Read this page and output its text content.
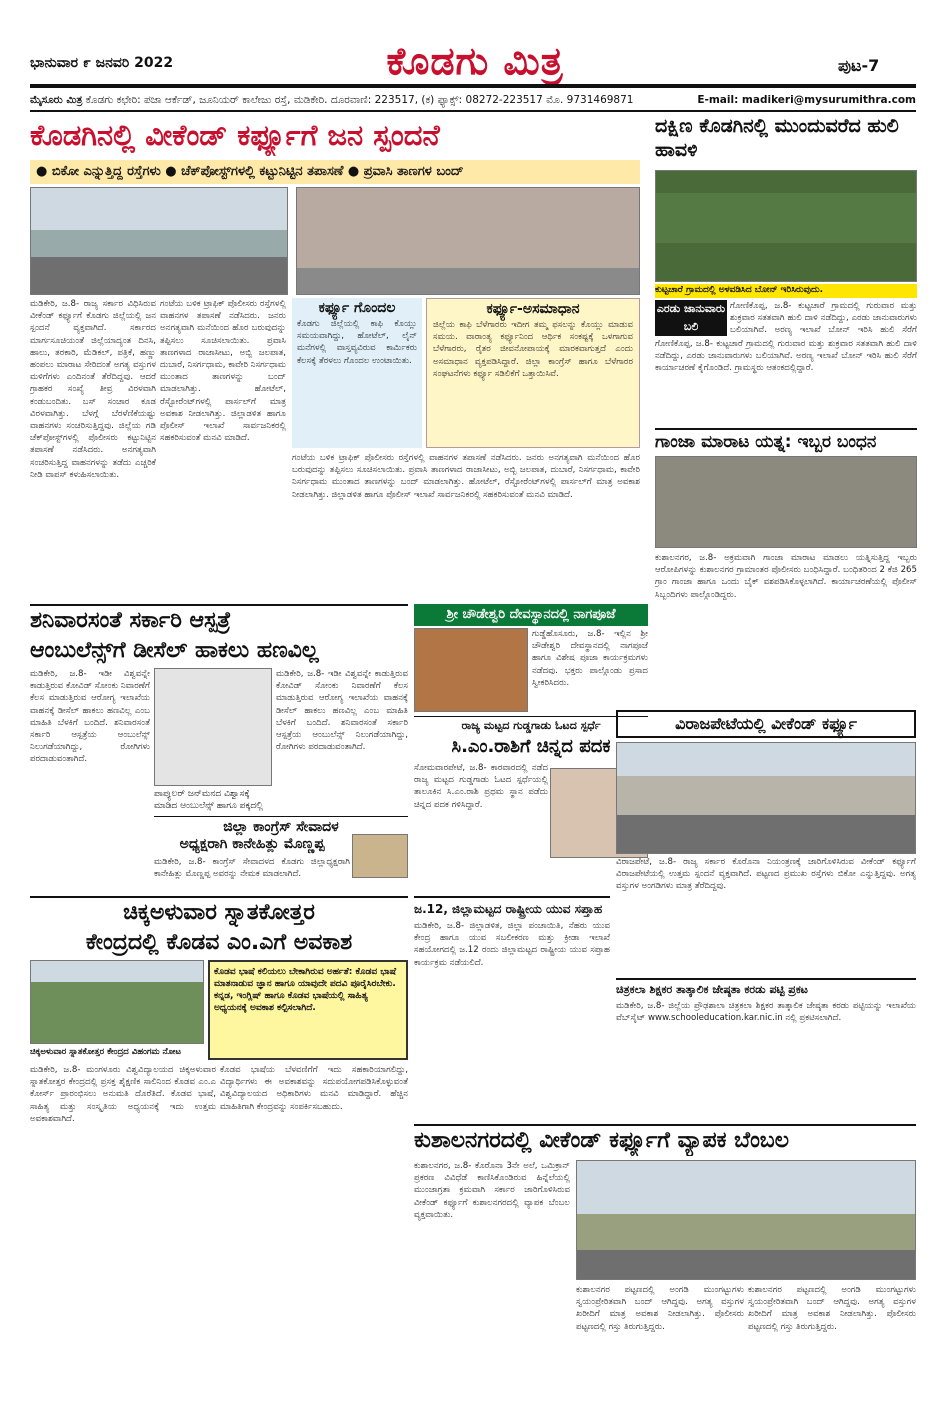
ಭಾನುವಾರ ೯ ಜನವರಿ 2022	ಕೊಡಗು ಮಿತ್ರ	ಪುಟ-7
ಮೈಸೂರು ಮಿತ್ರ ಕೊಡಗು ಕಛೇರಿ: ಪಜಾ ಆರ್ಕೆಡ್, ಜೂನಿಯರ್ ಕಾಲೇಜು ರಸ್ತೆ, ಮಡಿಕೇರಿ. ದೂರವಾಣಿ: 223517, (ಕ) ಫ್ಯಾಕ್ಸ್: 08272-223517 ಮೊ. 9731469871	E-mail: madikeri@mysurumithra.com
ಕೊಡಗಿನಲ್ಲಿ ವೀಕೆಂಡ್ ಕರ್ಫ್ಯೂಗೆ ಜನ ಸ್ಪಂದನೆ
● ಬಿಕೋ ಎನ್ನುತ್ತಿದ್ದ ರಸ್ತೆಗಳು ● ಚೆಕ್‌ಪೋಸ್ಟ್‌ಗಳಲ್ಲಿ ಕಟ್ಟುನಿಟ್ಟಿನ ತಪಾಸಣೆ ● ಪ್ರವಾಸಿ ತಾಣಗಳ ಬಂದ್
ಮಡಿಕೇರಿ, ಜ.8- ರಾಜ್ಯ ಸರ್ಕಾರ ವಿಧಿಸಿರುವ ವೀಕೆಂಡ್ ಕರ್ಫ್ಯೂಗೆ ಕೊಡಗು ಜಿಲ್ಲೆಯಲ್ಲಿ ಜನ ಸ್ಪಂದನೆ ವ್ಯಕ್ತವಾಗಿದೆ. ಸರ್ಕಾರದ ಮಾರ್ಗಸೂಚಿಯಂತೆ ಜಿಲ್ಲೆಯಾದ್ಯಂತ ದಿನಸಿ, ಹಾಲು, ತರಕಾರಿ, ಮೆಡಿಕಲ್, ಪತ್ರಿಕೆ, ಹಣ್ಣು ಹಂಪಲು ಮಾರಾಟ ಸೇರಿದಂತೆ ಅಗತ್ಯ ವಸ್ತುಗಳ ಮಳಿಗೆಗಳು ಎಂದಿನಂತೆ ತೆರೆದಿದ್ದವು. ಆದರೆ ಗ್ರಾಹಕರ ಸಂಖ್ಯೆ ತೀವ್ರ ವಿರಳವಾಗಿ ಕಂಡುಬಂದಿತು. ಬಸ್ ಸಂಚಾರ ಕೂಡ ವಿರಳವಾಗಿತ್ತು. ಬೆಳಗ್ಗೆ ಬೆರಳೆಣಿಕೆಯಷ್ಟು ವಾಹನಗಳು ಸಂಚರಿಸುತ್ತಿದ್ದವು. ಜಿಲ್ಲೆಯ ಗಡಿ ಚೆಕ್‌ಪೋಸ್ಟ್‌ಗಳಲ್ಲಿ ಪೊಲೀಸರು ಕಟ್ಟುನಿಟ್ಟಿನ ತಪಾಸಣೆ ನಡೆಸಿದರು. ಅನಗತ್ಯವಾಗಿ ಸಂಚರಿಸುತ್ತಿದ್ದ ವಾಹನಗಳನ್ನು ತಡೆದು ಎಚ್ಚರಿಕೆ ನೀಡಿ ವಾಪಸ್ ಕಳುಹಿಸಲಾಯಿತು.
ಗಂಟೆಯ ಬಳಿಕ ಟ್ರಾಫಿಕ್ ಪೊಲೀಸರು ರಸ್ತೆಗಳಲ್ಲಿ ವಾಹನಗಳ ತಪಾಸಣೆ ನಡೆಸಿದರು. ಜನರು ಅನಗತ್ಯವಾಗಿ ಮನೆಯಿಂದ ಹೊರ ಬರುವುದನ್ನು ತಪ್ಪಿಸಲು ಸೂಚಿಸಲಾಯಿತು. ಪ್ರವಾಸಿ ತಾಣಗಳಾದ ರಾಜಾಸೀಟು, ಅಬ್ಬಿ ಜಲಪಾತ, ದುಬಾರೆ, ನಿಸರ್ಗಧಾಮ, ಕಾವೇರಿ ನಿಸರ್ಗಧಾಮ ಮುಂತಾದ ತಾಣಗಳನ್ನು ಬಂದ್ ಮಾಡಲಾಗಿತ್ತು. ಹೋಟೆಲ್, ರೆಸ್ಟೋರೆಂಟ್‌ಗಳಲ್ಲಿ ಪಾರ್ಸಲ್‌ಗೆ ಮಾತ್ರ ಅವಕಾಶ ನೀಡಲಾಗಿತ್ತು. ಜಿಲ್ಲಾಡಳಿತ ಹಾಗೂ ಪೊಲೀಸ್ ಇಲಾಖೆ ಸಾರ್ವಜನಿಕರಲ್ಲಿ ಸಹಕರಿಸುವಂತೆ ಮನವಿ ಮಾಡಿದೆ.
ಕರ್ಫ್ಯೂ ಗೊಂದಲ
ಕೊಡಗು ಜಿಲ್ಲೆಯಲ್ಲಿ ಕಾಫಿ ಕೊಯ್ಲು ಸಮಯವಾಗಿದ್ದು, ಹೋಟೆಲ್, ಲೈನ್ ಮನೆಗಳಲ್ಲಿ ವಾಸ್ತವ್ಯವಿರುವ ಕಾರ್ಮಿಕರು ಕೆಲಸಕ್ಕೆ ತೆರಳಲು ಗೊಂದಲ ಉಂಟಾಯಿತು.
ಕರ್ಫ್ಯೂ-ಅಸಮಾಧಾನ
ಜಿಲ್ಲೆಯ ಕಾಫಿ ಬೆಳೆಗಾರರು ಇದೀಗ ತಮ್ಮ ಫಸಲನ್ನು ಕೊಯ್ಲು ಮಾಡುವ ಸಮಯ. ವಾರಾಂತ್ಯ ಕರ್ಫ್ಯೂನಿಂದ ಆರ್ಥಿಕ ಸಂಕಷ್ಟಕ್ಕೆ ಒಳಗಾಗುವ ಬೆಳೆಗಾರರು, ರೈತರ ಜೀವನೋಪಾಯಕ್ಕೆ ಮಾರಕವಾಗುತ್ತದೆ ಎಂದು ಅಸಮಾಧಾನ ವ್ಯಕ್ತಪಡಿಸಿದ್ದಾರೆ. ಜಿಲ್ಲಾ ಕಾಂಗ್ರೆಸ್ ಹಾಗೂ ಬೆಳೆಗಾರರ ಸಂಘಟನೆಗಳು ಕರ್ಫ್ಯೂ ಸಡಿಲಿಕೆಗೆ ಒತ್ತಾಯಿಸಿವೆ.
ಗಂಟೆಯ ಬಳಿಕ ಟ್ರಾಫಿಕ್ ಪೊಲೀಸರು ರಸ್ತೆಗಳಲ್ಲಿ ವಾಹನಗಳ ತಪಾಸಣೆ ನಡೆಸಿದರು. ಜನರು ಅನಗತ್ಯವಾಗಿ ಮನೆಯಿಂದ ಹೊರ ಬರುವುದನ್ನು ತಪ್ಪಿಸಲು ಸೂಚಿಸಲಾಯಿತು. ಪ್ರವಾಸಿ ತಾಣಗಳಾದ ರಾಜಾಸೀಟು, ಅಬ್ಬಿ ಜಲಪಾತ, ದುಬಾರೆ, ನಿಸರ್ಗಧಾಮ, ಕಾವೇರಿ ನಿಸರ್ಗಧಾಮ ಮುಂತಾದ ತಾಣಗಳನ್ನು ಬಂದ್ ಮಾಡಲಾಗಿತ್ತು. ಹೋಟೆಲ್, ರೆಸ್ಟೋರೆಂಟ್‌ಗಳಲ್ಲಿ ಪಾರ್ಸಲ್‌ಗೆ ಮಾತ್ರ ಅವಕಾಶ ನೀಡಲಾಗಿತ್ತು. ಜಿಲ್ಲಾಡಳಿತ ಹಾಗೂ ಪೊಲೀಸ್ ಇಲಾಖೆ ಸಾರ್ವಜನಿಕರಲ್ಲಿ ಸಹಕರಿಸುವಂತೆ ಮನವಿ ಮಾಡಿದೆ.
ದಕ್ಷಿಣ ಕೊಡಗಿನಲ್ಲಿ ಮುಂದುವರೆದ ಹುಲಿ ಹಾವಳಿ
ಕುಟ್ಟಚಾರೆ ಗ್ರಾಮದಲ್ಲಿ ಅಳವಡಿಸಿದ ಬೋನ್ ಇರಿಸಿರುವುದು.
ಎರಡು ಜಾನುವಾರು ಬಲಿ
ಗೋಣಿಕೊಪ್ಪ, ಜ.8- ಕುಟ್ಟಚಾರೆ ಗ್ರಾಮದಲ್ಲಿ ಗುರುವಾರ ಮತ್ತು ಶುಕ್ರವಾರ ಸತತವಾಗಿ ಹುಲಿ ದಾಳಿ ನಡೆದಿದ್ದು, ಎರಡು ಜಾನುವಾರುಗಳು ಬಲಿಯಾಗಿವೆ. ಅರಣ್ಯ ಇಲಾಖೆ ಬೋನ್ ಇರಿಸಿ ಹುಲಿ ಸೆರೆಗೆ
ಗೋಣಿಕೊಪ್ಪ, ಜ.8- ಕುಟ್ಟಚಾರೆ ಗ್ರಾಮದಲ್ಲಿ ಗುರುವಾರ ಮತ್ತು ಶುಕ್ರವಾರ ಸತತವಾಗಿ ಹುಲಿ ದಾಳಿ ನಡೆದಿದ್ದು, ಎರಡು ಜಾನುವಾರುಗಳು ಬಲಿಯಾಗಿವೆ. ಅರಣ್ಯ ಇಲಾಖೆ ಬೋನ್ ಇರಿಸಿ ಹುಲಿ ಸೆರೆಗೆ ಕಾರ್ಯಾಚರಣೆ ಕೈಗೊಂಡಿದೆ. ಗ್ರಾಮಸ್ಥರು ಆತಂಕದಲ್ಲಿದ್ದಾರೆ.
ಗಾಂಜಾ ಮಾರಾಟ ಯತ್ನ: ಇಬ್ಬರ ಬಂಧನ
ಕುಶಾಲನಗರ, ಜ.8- ಅಕ್ರಮವಾಗಿ ಗಾಂಜಾ ಮಾರಾಟ ಮಾಡಲು ಯತ್ನಿಸುತ್ತಿದ್ದ ಇಬ್ಬರು ಆರೋಪಿಗಳನ್ನು ಕುಶಾಲನಗರ ಗ್ರಾಮಾಂತರ ಪೊಲೀಸರು ಬಂಧಿಸಿದ್ದಾರೆ. ಬಂಧಿತರಿಂದ 2 ಕೆಜಿ 265 ಗ್ರಾಂ ಗಾಂಜಾ ಹಾಗೂ ಒಂದು ಬೈಕ್ ವಶಪಡಿಸಿಕೊಳ್ಳಲಾಗಿದೆ. ಕಾರ್ಯಾಚರಣೆಯಲ್ಲಿ ಪೊಲೀಸ್ ಸಿಬ್ಬಂದಿಗಳು ಪಾಲ್ಗೊಂಡಿದ್ದರು.
ಶನಿವಾರಸಂತೆ ಸರ್ಕಾರಿ ಆಸ್ಪತ್ರೆ
ಆಂಬುಲೆನ್ಸ್‌ಗೆ ಡೀಸೆಲ್ ಹಾಕಲು ಹಣವಿಲ್ಲ
ಮಡಿಕೇರಿ, ಜ.8- ಇಡೀ ವಿಶ್ವವನ್ನೇ ಕಾಡುತ್ತಿರುವ ಕೋವಿಡ್ ಸೋಂಕು ನಿವಾರಣೆಗೆ ಕೆಲಸ ಮಾಡುತ್ತಿರುವ ಆರೋಗ್ಯ ಇಲಾಖೆಯ ವಾಹನಕ್ಕೆ ಡೀಸೆಲ್ ಹಾಕಲು ಹಣವಿಲ್ಲ ಎಂಬ ಮಾಹಿತಿ ಬೆಳಕಿಗೆ ಬಂದಿದೆ. ಶನಿವಾರಸಂತೆ ಸರ್ಕಾರಿ ಆಸ್ಪತ್ರೆಯ ಆಂಬುಲೆನ್ಸ್ ನಿಲುಗಡೆಯಾಗಿದ್ದು, ರೋಗಿಗಳು ಪರದಾಡುವಂತಾಗಿದೆ.
ಪಾಪ್ಯುಲರ್ ಜನ್‌ಮನದ ವಿಶ್ವಾಸಕ್ಕೆ ಮಾಡಿದ ಆಂಬುಲೆನ್ಸ್ ಹಾಗೂ ಪಕ್ಕದಲ್ಲಿ
ಮಡಿಕೇರಿ, ಜ.8- ಇಡೀ ವಿಶ್ವವನ್ನೇ ಕಾಡುತ್ತಿರುವ ಕೋವಿಡ್ ಸೋಂಕು ನಿವಾರಣೆಗೆ ಕೆಲಸ ಮಾಡುತ್ತಿರುವ ಆರೋಗ್ಯ ಇಲಾಖೆಯ ವಾಹನಕ್ಕೆ ಡೀಸೆಲ್ ಹಾಕಲು ಹಣವಿಲ್ಲ ಎಂಬ ಮಾಹಿತಿ ಬೆಳಕಿಗೆ ಬಂದಿದೆ. ಶನಿವಾರಸಂತೆ ಸರ್ಕಾರಿ ಆಸ್ಪತ್ರೆಯ ಆಂಬುಲೆನ್ಸ್ ನಿಲುಗಡೆಯಾಗಿದ್ದು, ರೋಗಿಗಳು ಪರದಾಡುವಂತಾಗಿದೆ.
ಜಿಲ್ಲಾ ಕಾಂಗ್ರೆಸ್ ಸೇವಾದಳ
ಅಧ್ಯಕ್ಷರಾಗಿ ಕಾನೇಹಿತ್ಲು ಮೊಣ್ಣಪ್ಪ
ಮಡಿಕೇರಿ, ಜ.8- ಕಾಂಗ್ರೆಸ್ ಸೇವಾದಳದ ಕೊಡಗು ಜಿಲ್ಲಾಧ್ಯಕ್ಷರಾಗಿ ಕಾನೇಹಿತ್ಲು ಮೊಣ್ಣಪ್ಪ ಅವರನ್ನು ನೇಮಕ ಮಾಡಲಾಗಿದೆ.
ಶ್ರೀ ಚೌಡೇಶ್ವರಿ ದೇವಸ್ಥಾನದಲ್ಲಿ ನಾಗಪೂಜೆ
ಗುಡ್ಡೆಹೊಸೂರು, ಜ.8- ಇಲ್ಲಿನ ಶ್ರೀ ಚೌಡೇಶ್ವರಿ ದೇವಸ್ಥಾನದಲ್ಲಿ ನಾಗಪೂಜೆ ಹಾಗೂ ವಿಶೇಷ ಪೂಜಾ ಕಾರ್ಯಕ್ರಮಗಳು ನಡೆದವು. ಭಕ್ತರು ಪಾಲ್ಗೊಂಡು ಪ್ರಸಾದ ಸ್ವೀಕರಿಸಿದರು.
ರಾಜ್ಯ ಮಟ್ಟದ ಗುಡ್ಡಗಾಡು ಓಟದ ಸ್ಪರ್ಧೆ
ಸಿ.ಎಂ.ರಾಶಿಗೆ ಚಿನ್ನದ ಪದಕ
ಸೋಮವಾರಪೇಟೆ, ಜ.8- ಕಾರವಾರದಲ್ಲಿ ನಡೆದ ರಾಜ್ಯ ಮಟ್ಟದ ಗುಡ್ಡಗಾಡು ಓಟದ ಸ್ಪರ್ಧೆಯಲ್ಲಿ ತಾಲೂಕಿನ ಸಿ.ಎಂ.ರಾಶಿ ಪ್ರಥಮ ಸ್ಥಾನ ಪಡೆದು ಚಿನ್ನದ ಪದಕ ಗಳಿಸಿದ್ದಾರೆ.
ವಿರಾಜಪೇಟೆಯಲ್ಲಿ ವೀಕೆಂಡ್ ಕರ್ಫ್ಯೂ
ವಿರಾಜಪೇಟೆ, ಜ.8- ರಾಜ್ಯ ಸರ್ಕಾರ ಕೊರೊನಾ ನಿಯಂತ್ರಣಕ್ಕೆ ಜಾರಿಗೊಳಿಸಿರುವ ವೀಕೆಂಡ್ ಕರ್ಫ್ಯೂಗೆ ವಿರಾಜಪೇಟೆಯಲ್ಲಿ ಉತ್ತಮ ಸ್ಪಂದನೆ ವ್ಯಕ್ತವಾಗಿದೆ. ಪಟ್ಟಣದ ಪ್ರಮುಖ ರಸ್ತೆಗಳು ಬಿಕೋ ಎನ್ನುತ್ತಿದ್ದವು. ಅಗತ್ಯ ವಸ್ತುಗಳ ಅಂಗಡಿಗಳು ಮಾತ್ರ ತೆರೆದಿದ್ದವು.
ಜ.12, ಜಿಲ್ಲಾಮಟ್ಟದ ರಾಷ್ಟ್ರೀಯ ಯುವ ಸಪ್ತಾಹ
ಮಡಿಕೇರಿ, ಜ.8- ಜಿಲ್ಲಾಡಳಿತ, ಜಿಲ್ಲಾ ಪಂಚಾಯಿತಿ, ನೆಹರು ಯುವ ಕೇಂದ್ರ ಹಾಗೂ ಯುವ ಸಬಲೀಕರಣ ಮತ್ತು ಕ್ರೀಡಾ ಇಲಾಖೆ ಸಹಯೋಗದಲ್ಲಿ ಜ.12 ರಂದು ಜಿಲ್ಲಾಮಟ್ಟದ ರಾಷ್ಟ್ರೀಯ ಯುವ ಸಪ್ತಾಹ ಕಾರ್ಯಕ್ರಮ ನಡೆಯಲಿದೆ.
ಚಿತ್ರಕಲಾ ಶಿಕ್ಷಕರ ತಾತ್ಕಾಲಿಕ ಜೇಷ್ಠತಾ ಕರಡು ಪಟ್ಟಿ ಪ್ರಕಟ
ಮಡಿಕೇರಿ, ಜ.8- ಜಿಲ್ಲೆಯ ಪ್ರೌಢಶಾಲಾ ಚಿತ್ರಕಲಾ ಶಿಕ್ಷಕರ ತಾತ್ಕಾಲಿಕ ಜೇಷ್ಠತಾ ಕರಡು ಪಟ್ಟಿಯನ್ನು ಇಲಾಖೆಯ ವೆಬ್‌ಸೈಟ್ www.schooleducation.kar.nic.in ನಲ್ಲಿ ಪ್ರಕಟಿಸಲಾಗಿದೆ.
ಚಿಕ್ಕಅಳುವಾರ ಸ್ನಾತಕೋತ್ತರ
ಕೇಂದ್ರದಲ್ಲಿ ಕೊಡವ ಎಂ.ಎಗೆ ಅವಕಾಶ
ಚಿಕ್ಕಅಳುವಾರ ಸ್ನಾತಕೋತ್ತರ ಕೇಂದ್ರದ ವಿಹಂಗಮ ನೋಟ
ಕೊಡವ ಭಾಷೆ ಕಲಿಯಲು ಬೇಕಾಗಿರುವ ಅರ್ಹತೆ: ಕೊಡವ ಭಾಷೆ ಮಾತನಾಡುವ ಜ್ಞಾನ ಹಾಗೂ ಯಾವುದೇ ಪದವಿ ಪೂರೈಸಿರಬೇಕು. ಕನ್ನಡ, ಇಂಗ್ಲಿಷ್ ಹಾಗೂ ಕೊಡವ ಭಾಷೆಯಲ್ಲಿ ಸಾಹಿತ್ಯ ಅಧ್ಯಯನಕ್ಕೆ ಅವಕಾಶ ಕಲ್ಪಿಸಲಾಗಿದೆ.
ಮಡಿಕೇರಿ, ಜ.8- ಮಂಗಳೂರು ವಿಶ್ವವಿದ್ಯಾಲಯದ ಚಿಕ್ಕಅಳುವಾರ ಸ್ನಾತಕೋತ್ತರ ಕೇಂದ್ರದಲ್ಲಿ ಪ್ರಸಕ್ತ ಶೈಕ್ಷಣಿಕ ಸಾಲಿನಿಂದ ಕೊಡವ ಎಂ.ಎ ಕೋರ್ಸ್ ಪ್ರಾರಂಭಿಸಲು ಅನುಮತಿ ದೊರೆತಿದೆ. ಕೊಡವ ಭಾಷೆ, ಸಾಹಿತ್ಯ ಮತ್ತು ಸಂಸ್ಕೃತಿಯ ಅಧ್ಯಯನಕ್ಕೆ ಇದು ಉತ್ತಮ ಅವಕಾಶವಾಗಿದೆ.
ಕೊಡವ ಭಾಷೆಯ ಬೆಳವಣಿಗೆಗೆ ಇದು ಸಹಕಾರಿಯಾಗಲಿದ್ದು, ವಿದ್ಯಾರ್ಥಿಗಳು ಈ ಅವಕಾಶವನ್ನು ಸದುಪಯೋಗಪಡಿಸಿಕೊಳ್ಳುವಂತೆ ವಿಶ್ವವಿದ್ಯಾಲಯದ ಅಧಿಕಾರಿಗಳು ಮನವಿ ಮಾಡಿದ್ದಾರೆ. ಹೆಚ್ಚಿನ ಮಾಹಿತಿಗಾಗಿ ಕೇಂದ್ರವನ್ನು ಸಂಪರ್ಕಿಸಬಹುದು.
ಕುಶಾಲನಗರದಲ್ಲಿ ವೀಕೆಂಡ್ ಕರ್ಫ್ಯೂಗೆ ವ್ಯಾಪಕ ಬೆಂಬಲ
ಕುಶಾಲನಗರ, ಜ.8- ಕೊರೊನಾ 3ನೇ ಅಲೆ, ಒಮಿಕ್ರಾನ್ ಪ್ರಕರಣ ವಿವಿಧೆಡೆ ಕಾಣಿಸಿಕೊಂಡಿರುವ ಹಿನ್ನೆಲೆಯಲ್ಲಿ ಮುಂಜಾಗ್ರತಾ ಕ್ರಮವಾಗಿ ಸರ್ಕಾರ ಜಾರಿಗೊಳಿಸಿರುವ ವೀಕೆಂಡ್ ಕರ್ಫ್ಯೂಗೆ ಕುಶಾಲನಗರದಲ್ಲಿ ವ್ಯಾಪಕ ಬೆಂಬಲ ವ್ಯಕ್ತವಾಯಿತು.
ಕುಶಾಲನಗರ ಪಟ್ಟಣದಲ್ಲಿ ಅಂಗಡಿ ಮುಂಗಟ್ಟುಗಳು ಸ್ವಯಂಪ್ರೇರಿತವಾಗಿ ಬಂದ್ ಆಗಿದ್ದವು. ಅಗತ್ಯ ವಸ್ತುಗಳ ಖರೀದಿಗೆ ಮಾತ್ರ ಅವಕಾಶ ನೀಡಲಾಗಿತ್ತು. ಪೊಲೀಸರು ಪಟ್ಟಣದಲ್ಲಿ ಗಸ್ತು ತಿರುಗುತ್ತಿದ್ದರು.
ಕುಶಾಲನಗರ ಪಟ್ಟಣದಲ್ಲಿ ಅಂಗಡಿ ಮುಂಗಟ್ಟುಗಳು ಸ್ವಯಂಪ್ರೇರಿತವಾಗಿ ಬಂದ್ ಆಗಿದ್ದವು. ಅಗತ್ಯ ವಸ್ತುಗಳ ಖರೀದಿಗೆ ಮಾತ್ರ ಅವಕಾಶ ನೀಡಲಾಗಿತ್ತು. ಪೊಲೀಸರು ಪಟ್ಟಣದಲ್ಲಿ ಗಸ್ತು ತಿರುಗುತ್ತಿದ್ದರು.
